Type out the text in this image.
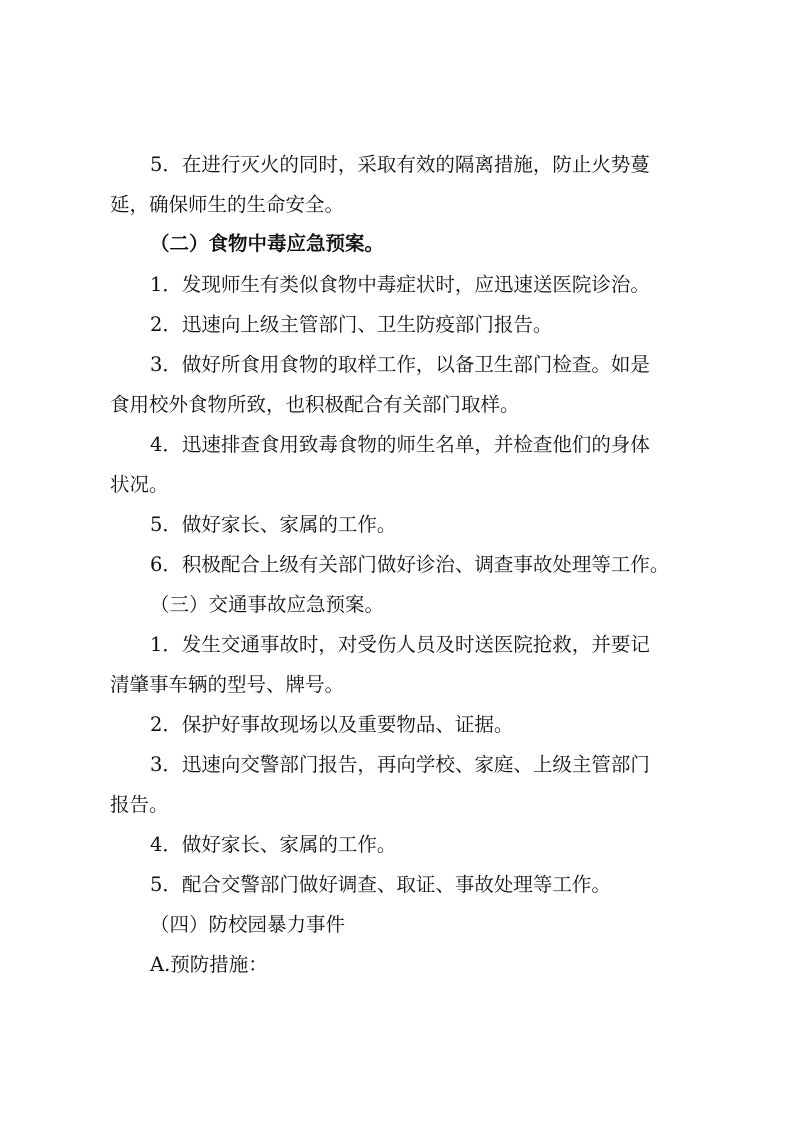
5．在进行灭火的同时，采取有效的隔离措施，防止火势蔓
延，确保师生的生命安全。
（二）食物中毒应急预案。
1．发现师生有类似食物中毒症状时，应迅速送医院诊治。
2．迅速向上级主管部门、卫生防疫部门报告。
3．做好所食用食物的取样工作，以备卫生部门检查。如是
食用校外食物所致，也积极配合有关部门取样。
4．迅速排查食用致毒食物的师生名单，并检查他们的身体
状况。
5．做好家长、家属的工作。
6．积极配合上级有关部门做好诊治、调查事故处理等工作。
（三）交通事故应急预案。
1．发生交通事故时，对受伤人员及时送医院抢救，并要记
清肇事车辆的型号、牌号。
2．保护好事故现场以及重要物品、证据。
3．迅速向交警部门报告，再向学校、家庭、上级主管部门
报告。
4．做好家长、家属的工作。
5．配合交警部门做好调查、取证、事故处理等工作。
（四）防校园暴力事件
A.预防措施：
